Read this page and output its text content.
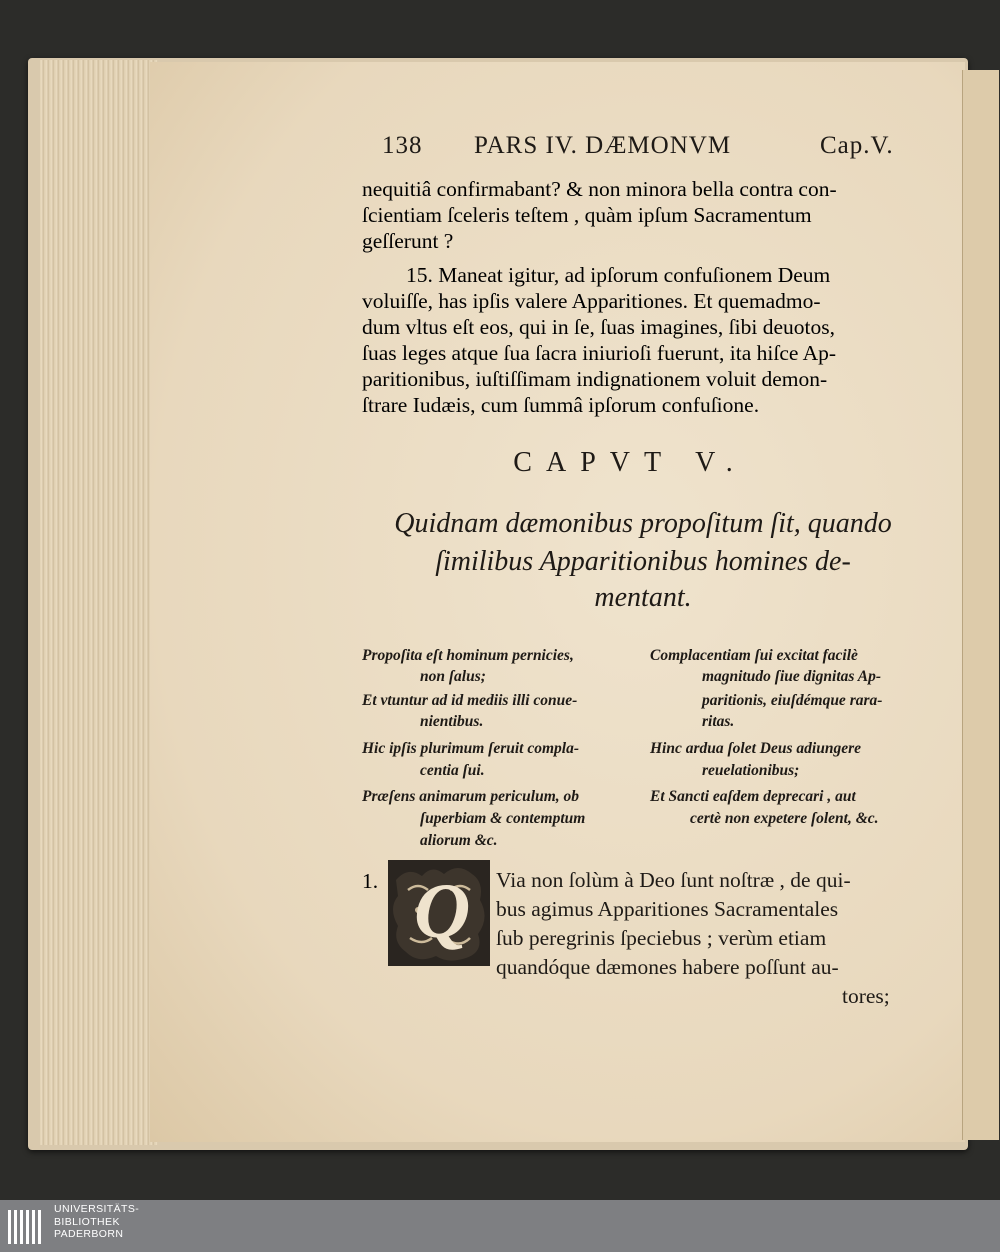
138 PARS IV. DÆMONVM	Cap.V.
nequitiâ confirmabant? & non minora bella contra con-
ſcientiam ſceleris teſtem , quàm ipſum Sacramentum
geſſerunt ?
15. Maneat igitur, ad ipſorum confuſionem Deum
voluiſſe, has ipſis valere Apparitiones. Et quemadmo-
dum vltus eſt eos, qui in ſe, ſuas imagines, ſibi deuotos,
ſuas leges atque ſua ſacra iniurioſi fuerunt, ita hiſce Ap-
paritionibus, iuſtiſſimam indignationem voluit demon-
ſtrare Iudæis, cum ſummâ ipſorum confuſione.
CAPVT V.
Quidnam dæmonibus propoſitum ſit, quando
ſimilibus Apparitionibus homines de-
mentant.
Propoſita eſt hominum pernicies,
non ſalus;
Et vtuntur ad id mediis illi conue-
nientibus.
Hic ipſis plurimum ſeruit compla-
centia ſui.
Præſens animarum periculum, ob
ſuperbiam & contemptum
aliorum &c.
Complacentiam ſui excitat facilè
magnitudo ſiue dignitas Ap-
paritionis, eiuſdémque rara-
ritas.
Hinc ardua ſolet Deus adiungere
reuelationibus;
Et Sancti eaſdem deprecari , aut
certè non expetere ſolent, &c.
1. Q Via non ſolùm à Deo ſunt noſtræ , de qui-
bus agimus Apparitiones Sacramentales
ſub peregrinis ſpeciebus ; verùm etiam
quandóque dæmones habere poſſunt au-
tores;
UNIVERSITÄTS-
BIBLIOTHEK
PADERBORN
